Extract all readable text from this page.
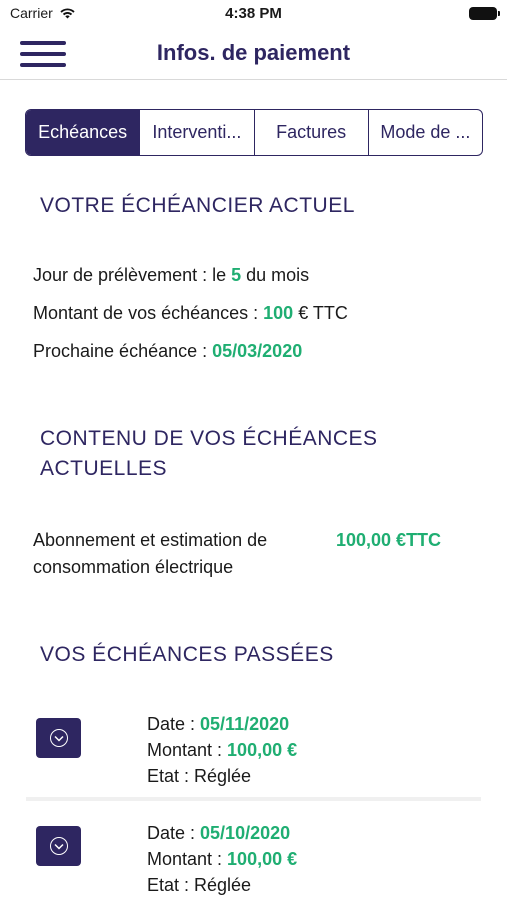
Carrier	4:38 PM
Infos. de paiement
Echéances	Interventi...	Factures	Mode de ...
VOTRE ÉCHÉANCIER ACTUEL
Jour de prélèvement : le 5 du mois
Montant de vos échéances : 100 € TTC
Prochaine échéance : 05/03/2020
CONTENU DE VOS ÉCHÉANCES
ACTUELLES
Abonnement et estimation de
consommation électrique
100,00 €TTC
VOS ÉCHÉANCES PASSÉES
Date : 05/11/2020
Montant : 100,00 €
Etat : Réglée
Date : 05/10/2020
Montant : 100,00 €
Etat : Réglée
